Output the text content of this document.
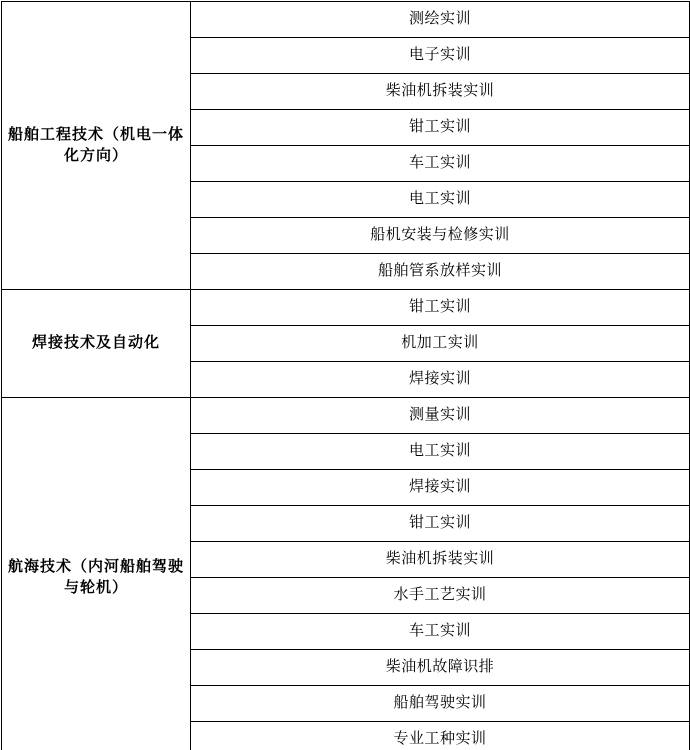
船舶工程技术（机电一体化方向）	测绘实训
	电子实训
	柴油机拆装实训
	钳工实训
	车工实训
	电工实训
	船机安装与检修实训
	船舶管系放样实训
焊接技术及自动化	钳工实训
	机加工实训
	焊接实训
航海技术（内河船舶驾驶与轮机）	测量实训
	电工实训
	焊接实训
	钳工实训
	柴油机拆装实训
	水手工艺实训
	车工实训
	柴油机故障识排
	船舶驾驶实训
	专业工种实训
